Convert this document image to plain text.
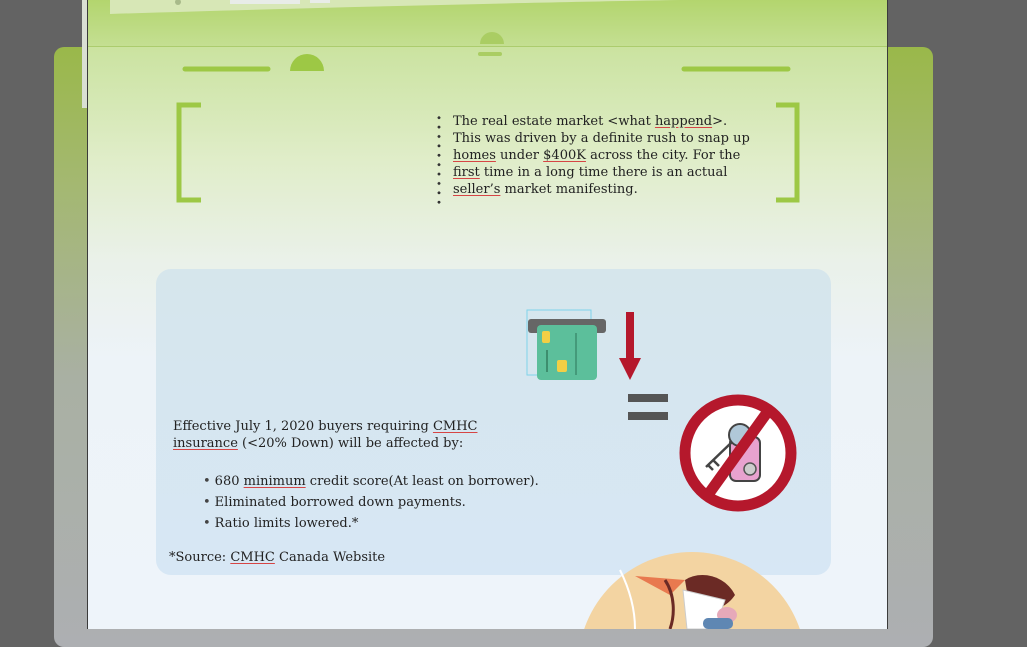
The real estate market <what happend>.

This was driven by a definite rush to snap up

homes under $400K across the city. For the

first time in a long time there is an actual

seller’s market manifesting.

Effective July 1, 2020 buyers requiring CMHC insurance (<20% Down) will be affected by:

• 680 minimum credit score(At least on borrower).
• Eliminated borrowed down payments.
• Ratio limits lowered.*

*Source: CMHC Canada Website
